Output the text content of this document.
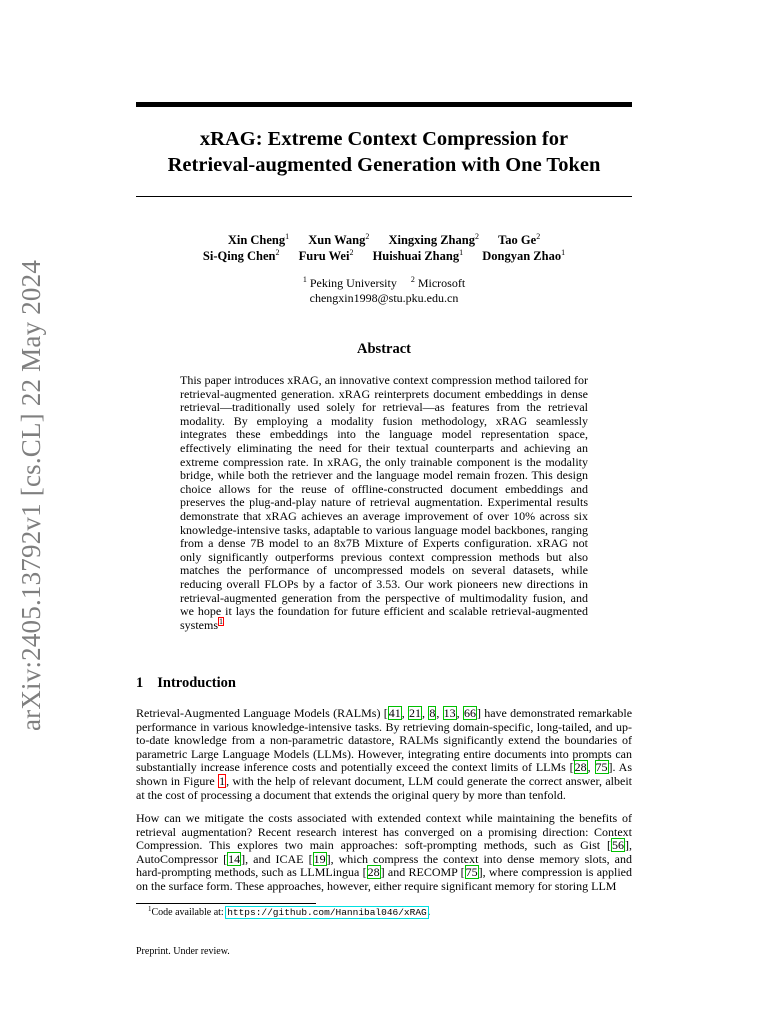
arXiv:2405.13792v1 [cs.CL] 22 May 2024
xRAG: Extreme Context Compression for
Retrieval-augmented Generation with One Token
Xin Cheng$^1$ Xun Wang$^2$ Xingxing Zhang$^2$ Tao Ge$^2$
Si-Qing Chen$^2$ Furu Wei$^2$ Huishuai Zhang$^1$ Dongyan Zhao$^1$
$^1$ Peking University $^2$ Microsoft
chengxin1998@stu.pku.edu.cn
Abstract
This paper introduces xRAG, an innovative context compression method tailored for retrieval-augmented generation. xRAG reinterprets document embeddings in dense retrieval—traditionally used solely for retrieval—as features from the retrieval modality. By employing a modality fusion methodology, xRAG seamlessly integrates these embeddings into the language model representation space, effectively eliminating the need for their textual counterparts and achieving an extreme compression rate. In xRAG, the only trainable component is the modality bridge, while both the retriever and the language model remain frozen. This design choice allows for the reuse of offline-constructed document embeddings and preserves the plug-and-play nature of retrieval augmentation. Experimental results demonstrate that xRAG achieves an average improvement of over 10% across six knowledge-intensive tasks, adaptable to various language model backbones, ranging from a dense 7B model to an 8x7B Mixture of Experts configuration. xRAG not only significantly outperforms previous context compression methods but also matches the performance of uncompressed models on several datasets, while reducing overall FLOPs by a factor of 3.53. Our work pioneers new directions in retrieval-augmented generation from the perspective of multimodality fusion, and we hope it lays the foundation for future efficient and scalable retrieval-augmented systems$^1$
1 Introduction

Retrieval-Augmented Language Models (RALMs) [41, 21, 8, 13, 66] have demonstrated remarkable performance in various knowledge-intensive tasks. By retrieving domain-specific, long-tailed, and up-to-date knowledge from a non-parametric datastore, RALMs significantly extend the boundaries of parametric Large Language Models (LLMs). However, integrating entire documents into prompts can substantially increase inference costs and potentially exceed the context limits of LLMs [28, 75]. As shown in Figure 1, with the help of relevant document, LLM could generate the correct answer, albeit at the cost of processing a document that extends the original query by more than tenfold.

How can we mitigate the costs associated with extended context while maintaining the benefits of retrieval augmentation? Recent research interest has converged on a promising direction: Context Compression. This explores two main approaches: soft-prompting methods, such as Gist [56], AutoCompressor [14], and ICAE [19], which compress the context into dense memory slots, and hard-prompting methods, such as LLMLingua [28] and RECOMP [75], where compression is applied on the surface form. These approaches, however, either require significant memory for storing LLM

$^1$Code available at: https://github.com/Hannibal046/xRAG.
Preprint. Under review.
